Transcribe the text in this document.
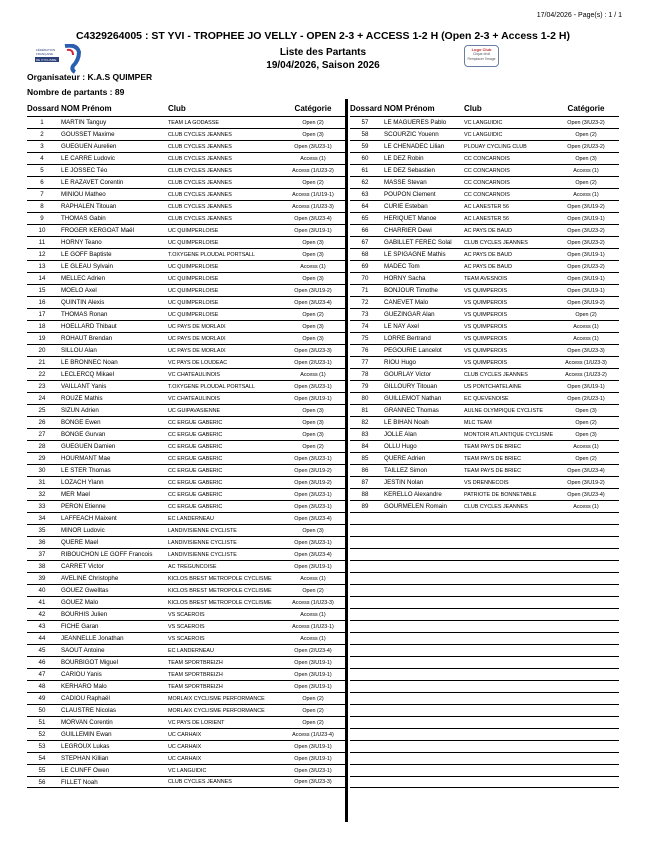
17/04/2026 - Page(s) : 1 / 1
C4329264005 : ST YVI - TROPHEE JO VELLY - OPEN 2-3 + ACCESS 1-2 H (Open 2-3 + Access 1-2 H)
Liste des Partants
19/04/2026, Saison 2026
FÉDÉRATION
FRANÇAISE
DE CYCLISME
Logo Club
Clique droit
Remplacer l'image
Organisateur : K.A.S QUIMPER
Nombre de partants : 89
Dossard NOM Prénom	Club	Catégorie
1	MARTIN Tanguy	TEAM LA GODASSE	Open (2)
2	GOUSSET Maxime	CLUB CYCLES JEANNES	Open (3)
3	GUEGUEN Aurelien	CLUB CYCLES JEANNES	Open (3/U23-1)
4	LE CARRE Ludovic	CLUB CYCLES JEANNES	Access (1)
5	LE JOSSEC Téo	CLUB CYCLES JEANNES	Access (1/U23-2)
6	LE RAZAVET Corentin	CLUB CYCLES JEANNES	Open (2)
7	MINIOU Matheo	CLUB CYCLES JEANNES	Access (1/U19-1)
8	RAPHALEN Titouan	CLUB CYCLES JEANNES	Access (1/U23-3)
9	THOMAS Gabin	CLUB CYCLES JEANNES	Open (3/U23-4)
10	FROGER KERGOAT Maël	UC QUIMPERLOISE	Open (3/U19-1)
11	HORNY Teano	UC QUIMPERLOISE	Open (3)
12	LE GOFF Baptiste	T.OXYGENE PLOUDAL PORTSALL	Open (3)
13	LE GLEAU Sylvain	UC QUIMPERLOISE	Access (1)
14	MELLEC Adrien	UC QUIMPERLOISE	Open (3)
15	MOELO Axel	UC QUIMPERLOISE	Open (3/U19-2)
16	QUINTIN Alexis	UC QUIMPERLOISE	Open (3/U23-4)
17	THOMAS Ronan	UC QUIMPERLOISE	Open (2)
18	HOELLARD Thibaut	UC PAYS DE MORLAIX	Open (3)
19	ROHAUT Brendan	UC PAYS DE MORLAIX	Open (3)
20	SILLOU Alan	UC PAYS DE MORLAIX	Open (3/U23-3)
21	LE BRONNEC Noan	VC PAYS DE LOUDEAC	Open (2/U23-1)
22	LECLERCQ Mikael	VC CHATEAULINOIS	Access (1)
23	VAILLANT Yanis	T.OXYGENE PLOUDAL PORTSALL	Open (3/U23-1)
24	ROUZÉ Mathis	VC CHATEAULINOIS	Open (3/U19-1)
25	SIZUN Adrien	UC GUIPAVASIENNE	Open (3)
26	BONGE Ewen	CC ERGUE GABERIC	Open (3)
27	BONGE Gurvan	CC ERGUE GABERIC	Open (3)
28	GUEGUEN Damien	CC ERGUE GABERIC	Open (2)
29	HOURMANT Mae	CC ERGUE GABERIC	Open (3/U23-1)
30	LE STER Thomas	CC ERGUE GABERIC	Open (3/U19-2)
31	LOZACH Ylann	CC ERGUE GABERIC	Open (3/U19-2)
32	MER Mael	CC ERGUE GABERIC	Open (3/U23-1)
33	PERON Etienne	CC ERGUE GABERIC	Open (3/U23-1)
34	LAFFEACH Maixent	EC LANDERNEAU	Open (3/U23-4)
35	MINOR Ludovic	LANDIVISIENNE CYCLISTE	Open (3)
36	QUERE Mael	LANDIVISIENNE CYCLISTE	Open (3/U23-1)
37	RIBOUCHON LE GOFF Francois	LANDIVISIENNE CYCLISTE	Open (3/U23-4)
38	CARRET Victor	AC TREGUNCOISE	Open (3/U19-1)
39	AVELINE Christophe	KICLOS BREST METROPOLE CYCLISME	Access (1)
40	GOUEZ Gwelltas	KICLOS BREST METROPOLE CYCLISME	Open (2)
41	GOUEZ Malo	KICLOS BREST METROPOLE CYCLISME	Access (1/U23-3)
42	BOURHIS Julien	VS SCAEROIS	Access (1)
43	FICHE Garan	VS SCAEROIS	Access (1/U23-1)
44	JEANNELLE Jonathan	VS SCAEROIS	Access (1)
45	SAOUT Antoine	EC LANDERNEAU	Open (2/U23-4)
46	BOURBIGOT Miguel	TEAM SPORTBREIZH	Open (3/U19-1)
47	CARIOU Yanis	TEAM SPORTBREIZH	Open (3/U19-1)
48	KERHARO Malo	TEAM SPORTBREIZH	Open (3/U19-1)
49	CADIOU Raphaël	MORLAIX CYCLISME PERFORMANCE	Open (2)
50	CLAUSTRE Nicolas	MORLAIX CYCLISME PERFORMANCE	Open (2)
51	MORVAN Corentin	VC PAYS DE LORIENT	Open (2)
52	GUILLEMIN Ewan	UC CARHAIX	Access (1/U23-4)
53	LEGROUX Lukas	UC CARHAIX	Open (3/U19-1)
54	STEPHAN Killian	UC CARHAIX	Open (3/U19-1)
55	LE CUNFF Owen	VC LANGUIDIC	Open (3/U23-1)
56	FILLET Noah	CLUB CYCLES JEANNES	Open (3/U23-3)
Dossard NOM Prénom	Club	Catégorie
57	LE MAGUERES Pablo	VC LANGUIDIC	Open (3/U23-2)
58	SCOURZIC Youenn	VC LANGUIDIC	Open (2)
59	LE CHENADEC Lilian	PLOUAY CYCLING CLUB	Open (2/U23-2)
60	LE DEZ Robin	CC CONCARNOIS	Open (3)
61	LE DEZ Sebastien	CC CONCARNOIS	Access (1)
62	MASSE Stevan	CC CONCARNOIS	Open (2)
63	POUPON Clement	CC CONCARNOIS	Access (1)
64	CURIE Esteban	AC LANESTER 56	Open (3/U19-2)
65	HERIQUET Manoe	AC LANESTER 56	Open (3/U19-1)
66	CHARRIER Dewi	AC PAYS DE BAUD	Open (3/U23-2)
67	GABILLET FEREC Solal	CLUB CYCLES JEANNES	Open (3/U23-2)
68	LE SPIGAGNE Mathis	AC PAYS DE BAUD	Open (3/U19-1)
69	MADEC Tom	AC PAYS DE BAUD	Open (2/U23-2)
70	HORNY Sacha	TEAM AVESNOIS	Open (3/U19-1)
71	BONJOUR Timothe	VS QUIMPEROIS	Open (3/U19-1)
72	CANEVET Malo	VS QUIMPEROIS	Open (3/U19-2)
73	GUEZINGAR Alan	VS QUIMPEROIS	Open (2)
74	LE NAY Axel	VS QUIMPEROIS	Access (1)
75	LORRE Bertrand	VS QUIMPEROIS	Access (1)
76	PEGOURIE Lancelot	VS QUIMPEROIS	Open (3/U23-3)
77	RIOU Hugo	VS QUIMPEROIS	Access (1/U23-3)
78	GOURLAY Victor	CLUB CYCLES JEANNES	Access (1/U23-2)
79	GILLOURY Titouan	US PONTCHATELAINE	Open (3/U19-1)
80	GUILLEMOT Nathan	EC QUEVENOISE	Open (2/U23-1)
81	GRANNEC Thomas	AULNE OLYMPIQUE CYCLISTE	Open (3)
82	LE BIHAN Noah	MLC TEAM	Open (2)
83	JOLLE Alan	MONTOIR ATLANTIQUE CYCLISME	Open (3)
84	OLLU Hugo	TEAM PAYS DE BRIEC	Access (1)
85	QUERE Adrien	TEAM PAYS DE BRIEC	Open (2)
86	TAILLEZ Simon	TEAM PAYS DE BRIEC	Open (3/U23-4)
87	JESTIN Nolan	VS DRENNECOIS	Open (3/U19-2)
88	KERELLO Alexandre	PATRIOTE DE BONNETABLE	Open (3/U23-4)
89	GOURMELEN Romain	CLUB CYCLES JEANNES	Access (1)
